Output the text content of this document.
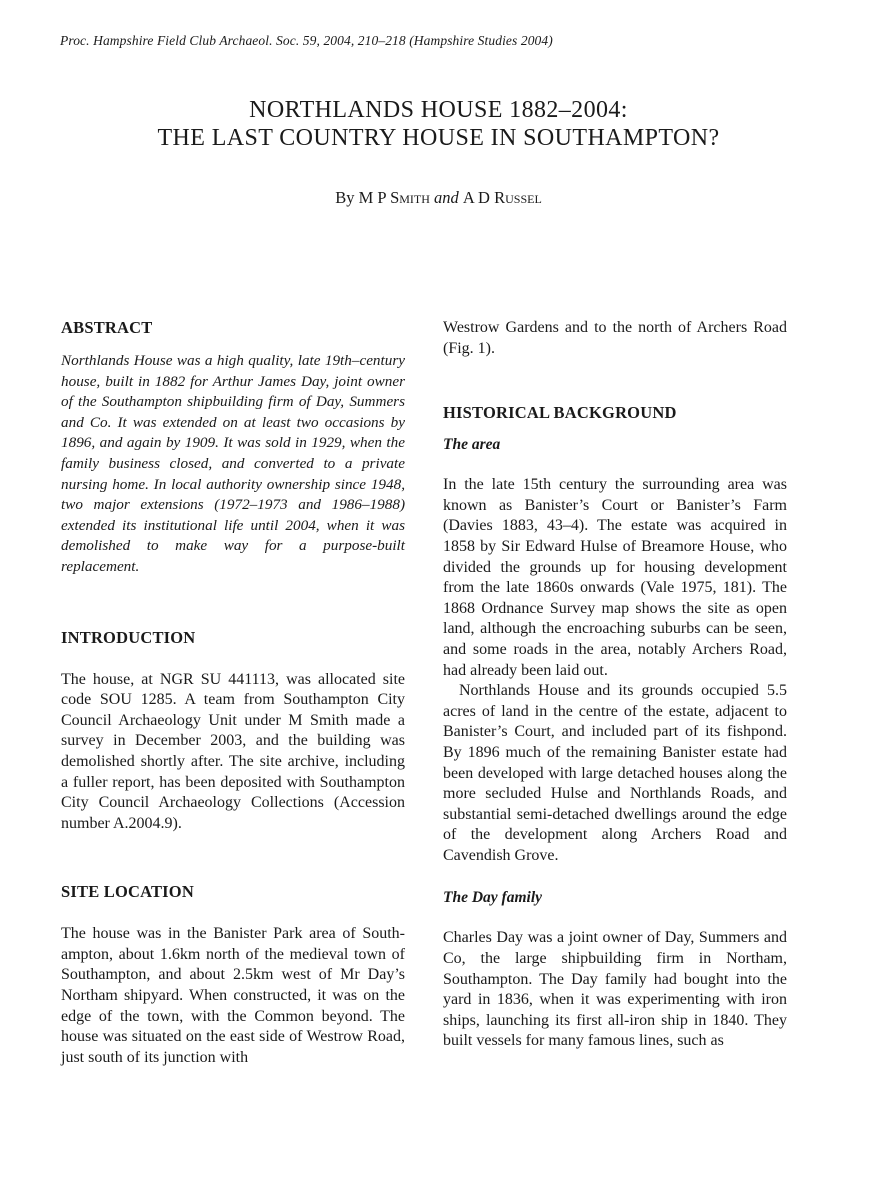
Proc. Hampshire Field Club Archaeol. Soc. 59, 2004, 210–218 (Hampshire Studies 2004)
NORTHLANDS HOUSE 1882–2004:
THE LAST COUNTRY HOUSE IN SOUTHAMPTON?
By M P Smith and A D Russel
ABSTRACT

Northlands House was a high quality, late 19th–century house, built in 1882 for Arthur James Day, joint owner of the Southampton shipbuilding firm of Day, Summers and Co. It was extended on at least two occasions by 1896, and again by 1909. It was sold in 1929, when the family business closed, and converted to a private nursing home. In local authority ownership since 1948, two major extensions (1972–1973 and 1986–1988) extended its institutional life until 2004, when it was demolished to make way for a purpose-built replacement.

INTRODUCTION

The house, at NGR SU 441113, was allocated site code SOU 1285. A team from Southampton City Council Archaeology Unit under M Smith made a survey in December 2003, and the building was demolished shortly after. The site archive, including a fuller report, has been deposited with Southampton City Council Archaeology Collections (Accession number A.2004.9).

SITE LOCATION

The house was in the Banister Park area of Southampton, about 1.6km north of the medieval town of Southampton, and about 2.5km west of Mr Day’s Northam shipyard. When constructed, it was on the edge of the town, with the Common beyond. The house was situated on the east side of Westrow Road, just south of its junction with

Westrow Gardens and to the north of Archers Road (Fig. 1).

HISTORICAL BACKGROUND
The area

In the late 15th century the surrounding area was known as Banister’s Court or Banister’s Farm (Davies 1883, 43–4). The estate was acquired in 1858 by Sir Edward Hulse of Breamore House, who divided the grounds up for housing development from the late 1860s onwards (Vale 1975, 181). The 1868 Ordnance Survey map shows the site as open land, although the encroaching suburbs can be seen, and some roads in the area, notably Archers Road, had already been laid out.

Northlands House and its grounds occupied 5.5 acres of land in the centre of the estate, adjacent to Banister’s Court, and included part of its fishpond. By 1896 much of the remaining Banister estate had been developed with large detached houses along the more secluded Hulse and Northlands Roads, and substantial semi-detached dwellings around the edge of the development along Archers Road and Cavendish Grove.

The Day family

Charles Day was a joint owner of Day, Summers and Co, the large shipbuilding firm in Northam, Southampton. The Day family had bought into the yard in 1836, when it was experimenting with iron ships, launching its first all-iron ship in 1840. They built vessels for many famous lines, such as
